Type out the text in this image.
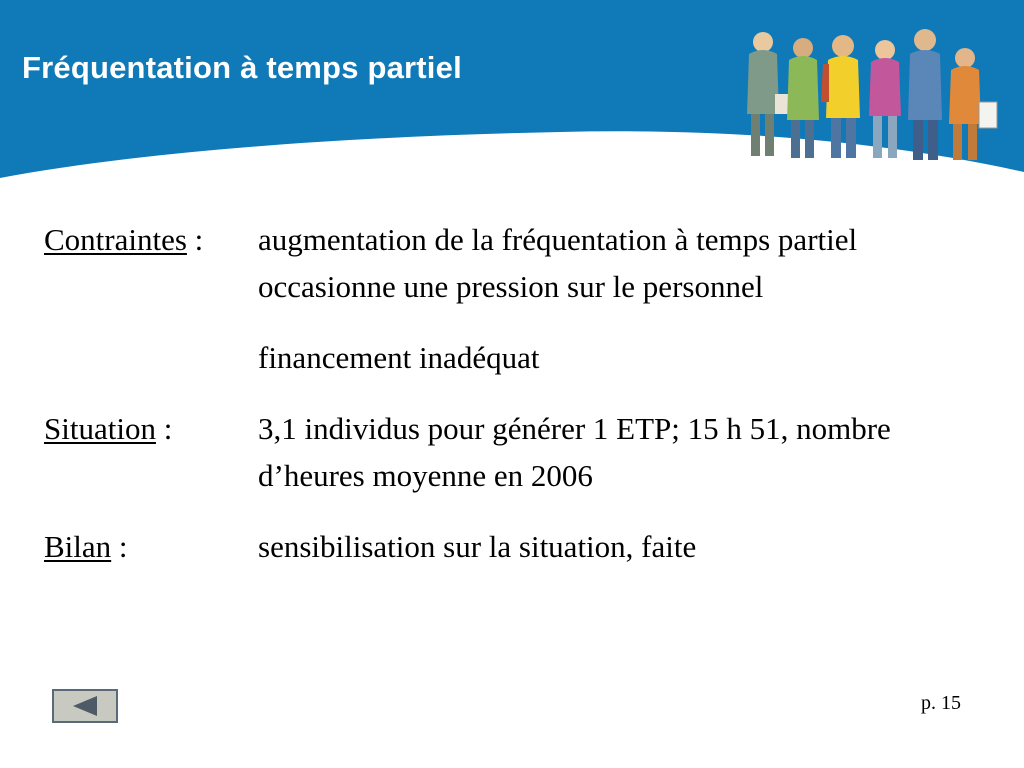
Fréquentation à temps partiel
Contraintes :	augmentation de la fréquentation à temps partiel occasionne une pression sur le personnel
financement inadéquat
Situation :	3,1 individus pour générer 1 ETP; 15 h 51, nombre d’heures moyenne en 2006
Bilan :	sensibilisation sur la situation, faite
p. 15
